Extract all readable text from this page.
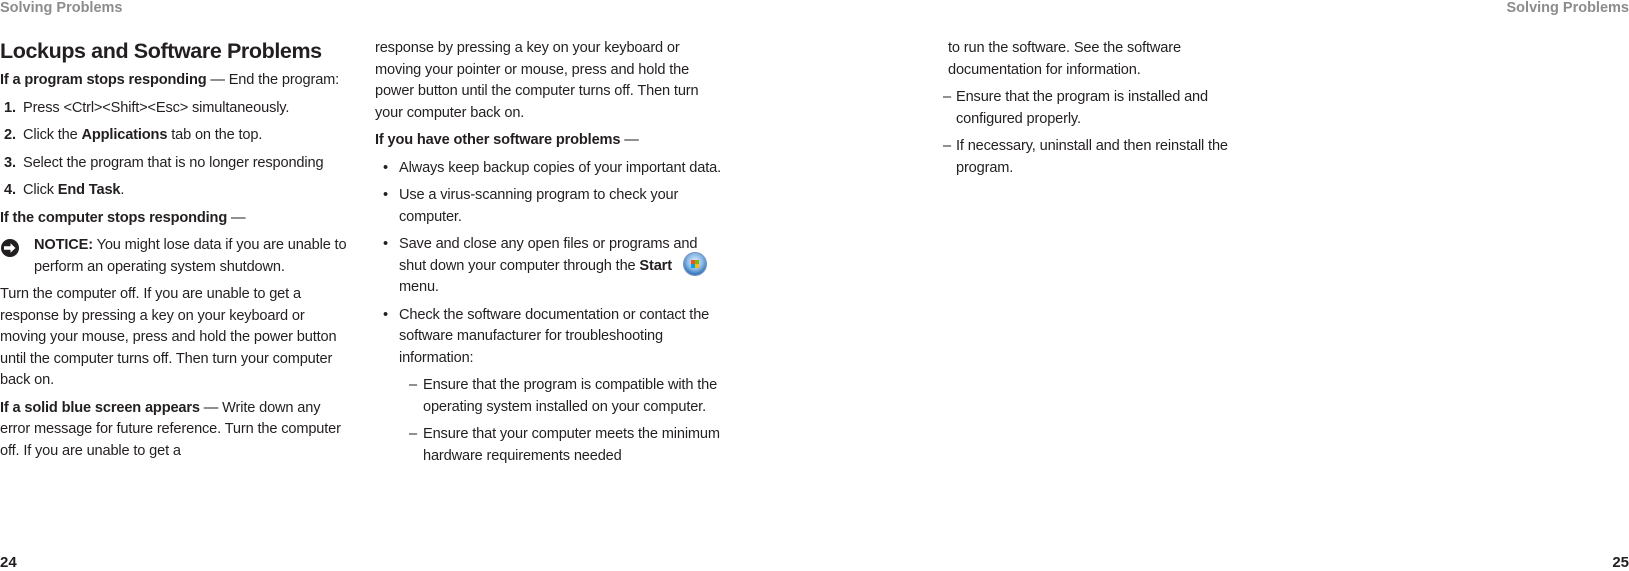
Solving Problems	Solving Problems
Lockups and Software Problems

If a program stops responding — End the program:

1. Press <Ctrl><Shift><Esc> simultaneously.
2. Click the Applications tab on the top.
3. Select the program that is no longer responding
4. Click End Task.

If the computer stops responding —

NOTICE: You might lose data if you are unable to perform an operating system shutdown.

Turn the computer off. If you are unable to get a response by pressing a key on your keyboard or moving your mouse, press and hold the power button until the computer turns off. Then turn your computer back on.

If a solid blue screen appears — Write down any error message for future reference. Turn the computer off. If you are unable to get a

response by pressing a key on your keyboard or moving your pointer or mouse, press and hold the power button until the computer turns off. Then turn your computer back on.

If you have other software problems —

• Always keep backup copies of your important data.
• Use a virus-scanning program to check your computer.
• Save and close any open files or programs and shut down your computer through the Start
menu.
• Check the software documentation or contact the software manufacturer for troubleshooting information:
– Ensure that the program is compatible with the operating system installed on your computer.
– Ensure that your computer meets the minimum hardware requirements needed

to run the software. See the software documentation for information.

– Ensure that the program is installed and configured properly.
– If necessary, uninstall and then reinstall the program.
24	25
